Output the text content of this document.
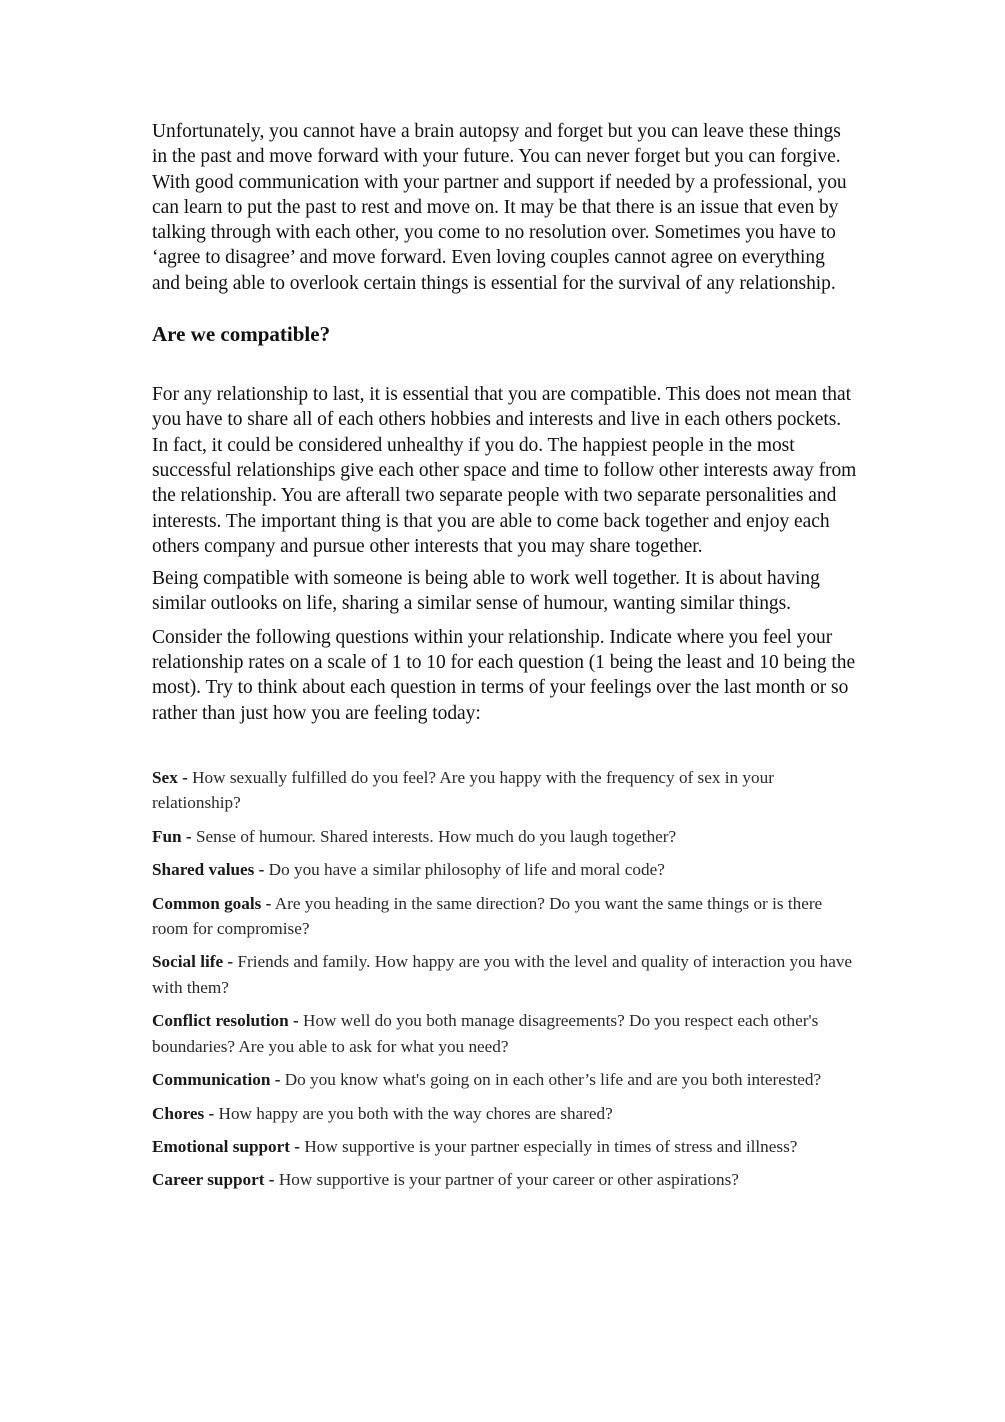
Unfortunately, you cannot have a brain autopsy and forget but you can leave these things in the past and move forward with your future. You can never forget but you can forgive. With good communication with your partner and support if needed by a professional, you can learn to put the past to rest and move on. It may be that there is an issue that even by talking through with each other, you come to no resolution over. Sometimes you have to ‘agree to disagree’ and move forward. Even loving couples cannot agree on everything and being able to overlook certain things is essential for the survival of any relationship.

Are we compatible?

For any relationship to last, it is essential that you are compatible. This does not mean that you have to share all of each others hobbies and interests and live in each others pockets. In fact, it could be considered unhealthy if you do. The happiest people in the most successful relationships give each other space and time to follow other interests away from the relationship. You are afterall two separate people with two separate personalities and interests. The important thing is that you are able to come back together and enjoy each others company and pursue other interests that you may share together.

Being compatible with someone is being able to work well together. It is about having similar outlooks on life, sharing a similar sense of humour, wanting similar things.

Consider the following questions within your relationship. Indicate where you feel your relationship rates on a scale of 1 to 10 for each question (1 being the least and 10 being the most). Try to think about each question in terms of your feelings over the last month or so rather than just how you are feeling today:

Sex - How sexually fulfilled do you feel? Are you happy with the frequency of sex in your relationship?

Fun - Sense of humour. Shared interests. How much do you laugh together?

Shared values - Do you have a similar philosophy of life and moral code?

Common goals - Are you heading in the same direction? Do you want the same things or is there room for compromise?

Social life - Friends and family. How happy are you with the level and quality of interaction you have with them?

Conflict resolution - How well do you both manage disagreements? Do you respect each other's boundaries? Are you able to ask for what you need?

Communication - Do you know what's going on in each other’s life and are you both interested?

Chores - How happy are you both with the way chores are shared?

Emotional support - How supportive is your partner especially in times of stress and illness?

Career support - How supportive is your partner of your career or other aspirations?
